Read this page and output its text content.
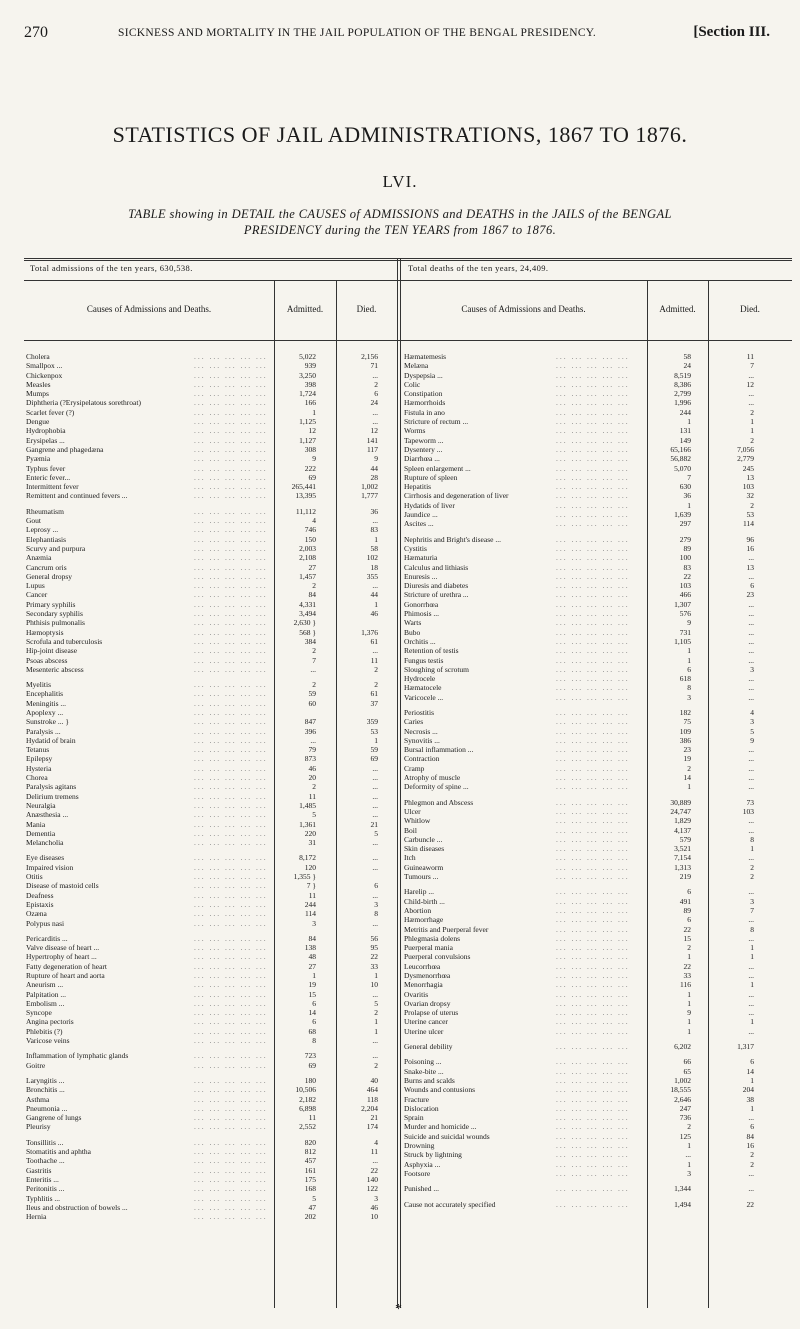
270	SICKNESS AND MORTALITY IN THE JAIL POPULATION OF THE BENGAL PRESIDENCY.	[Section III.
STATISTICS OF JAIL ADMINISTRATIONS, 1867 TO 1876.
LVI.
TABLE showing in DETAIL the CAUSES of ADMISSIONS and DEATHS in the JAILS of the BENGAL
PRESIDENCY during the TEN YEARS from 1867 to 1876.
Total admissions of the ten years, 630,538.	Total deaths of the ten years, 24,409.
Causes of Admissions and Deaths.	Admitted.	Died.	Causes of Admissions and Deaths.	Admitted.	Died.
Cholera	... ... ... ... ...	5,022	2,156
Smallpox ...	... ... ... ... ...	939	71
Chickenpox	... ... ... ... ...	3,250	...
Measles	... ... ... ... ...	398	2
Mumps	... ... ... ... ...	1,724	6
Diphtheria (?Erysipelatous sorethroat)	... ... ... ... ...	166	24
Scarlet fever (?)	... ... ... ... ...	1	...
Dengue	... ... ... ... ...	1,125	...
Hydrophobia	... ... ... ... ...	12	12
Erysipelas ...	... ... ... ... ...	1,127	141
Gangrene and phagedæna	... ... ... ... ...	308	117
Pyæmia	... ... ... ... ...	9	9
Typhus fever	... ... ... ... ...	222	44
Enteric fever...	... ... ... ... ...	69	28
Intermittent fever	... ... ... ... ...	265,441	1,002
Remittent and continued fevers ...	... ... ... ... ...	13,395	1,777
Rheumatism	... ... ... ... ...	11,112	36
Gout	... ... ... ... ...	4	...
Leprosy ...	... ... ... ... ...	746	83
Elephantiasis	... ... ... ... ...	150	1
Scurvy and purpura	... ... ... ... ...	2,003	58
Anæmia	... ... ... ... ...	2,108	102
Cancrum oris	... ... ... ... ...	27	18
General dropsy	... ... ... ... ...	1,457	355
Lupus	... ... ... ... ...	2	...
Cancer	... ... ... ... ...	84	44
Primary syphilis	... ... ... ... ...	4,331	1
Secondary syphilis	... ... ... ... ...	3,494	46
Phthisis pulmonalis	... ... ... ... ...	2,630 }
Hæmoptysis	... ... ... ... ...	568 }	1,376
Scrofula and tuberculosis	... ... ... ... ...	384	61
Hip-joint disease	... ... ... ... ...	2	...
Psoas abscess	... ... ... ... ...	7	11
Mesenteric abscess	... ... ... ... ...	...	2
Myelitis	... ... ... ... ...	2	2
Encephalitis	... ... ... ... ...	59	61
Meningitis ...	... ... ... ... ...	60	37
Apoplexy ...	... ... ... ... ...
Sunstroke ... }	... ... ... ... ...	847	359
Paralysis ...	... ... ... ... ...	396	53
Hydatid of brain	... ... ... ... ...	...	1
Tetanus	... ... ... ... ...	79	59
Epilepsy	... ... ... ... ...	873	69
Hysteria	... ... ... ... ...	46	...
Chorea	... ... ... ... ...	20	...
Paralysis agitans	... ... ... ... ...	2	...
Delirium tremens	... ... ... ... ...	11	...
Neuralgia	... ... ... ... ...	1,485	...
Anæsthesia ...	... ... ... ... ...	5	...
Mania	... ... ... ... ...	1,361	21
Dementia	... ... ... ... ...	220	5
Melancholia	... ... ... ... ...	31	...
Eye diseases	... ... ... ... ...	8,172	...
Impaired vision	... ... ... ... ...	120	...
Otitis	... ... ... ... ...	1,355 }
Disease of mastoid cells	... ... ... ... ...	7 }	6
Deafness	... ... ... ... ...	11	...
Epistaxis	... ... ... ... ...	244	3
Ozæna	... ... ... ... ...	114	8
Polypus nasi	... ... ... ... ...	3	...
Pericarditis ...	... ... ... ... ...	84	56
Valve disease of heart ...	... ... ... ... ...	138	95
Hypertrophy of heart ...	... ... ... ... ...	48	22
Fatty degeneration of heart	... ... ... ... ...	27	33
Rupture of heart and aorta	... ... ... ... ...	1	1
Aneurism ...	... ... ... ... ...	19	10
Palpitation ...	... ... ... ... ...	15	...
Embolism ...	... ... ... ... ...	6	5
Syncope	... ... ... ... ...	14	2
Angina pectoris	... ... ... ... ...	6	1
Phlebitis (?)	... ... ... ... ...	68	1
Varicose veins	... ... ... ... ...	8	...
Inflammation of lymphatic glands	... ... ... ... ...	723	...
Goitre	... ... ... ... ...	69	2
Laryngitis ...	... ... ... ... ...	180	40
Bronchitis ...	... ... ... ... ...	10,506	464
Asthma	... ... ... ... ...	2,182	118
Pneumonia ...	... ... ... ... ...	6,898	2,204
Gangrene of lungs	... ... ... ... ...	11	21
Pleurisy	... ... ... ... ...	2,552	174
Tonsillitis ...	... ... ... ... ...	820	4
Stomatitis and aphtha	... ... ... ... ...	812	11
Toothache ...	... ... ... ... ...	457	...
Gastritis	... ... ... ... ...	161	22
Enteritis ...	... ... ... ... ...	175	140
Peritonitis ...	... ... ... ... ...	168	122
Typhlitis ...	... ... ... ... ...	5	3
Ileus and obstruction of bowels ...	... ... ... ... ...	47	46
Hernia	... ... ... ... ...	202	10
Hæmatemesis	... ... ... ... ...	58	11
Melæna	... ... ... ... ...	24	7
Dyspepsia ...	... ... ... ... ...	8,519	...
Colic	... ... ... ... ...	8,386	12
Constipation	... ... ... ... ...	2,799	...
Hæmorrhoids	... ... ... ... ...	1,996	...
Fistula in ano	... ... ... ... ...	244	2
Stricture of rectum ...	... ... ... ... ...	1	1
Worms	... ... ... ... ...	131	1
Tapeworm ...	... ... ... ... ...	149	2
Dysentery ...	... ... ... ... ...	65,166	7,056
Diarrhœa ...	... ... ... ... ...	56,882	2,779
Spleen enlargement ...	... ... ... ... ...	5,070	245
Rupture of spleen	... ... ... ... ...	7	13
Hepatitis	... ... ... ... ...	630	103
Cirrhosis and degeneration of liver	... ... ... ... ...	36	32
Hydatids of liver	... ... ... ... ...	1	2
Jaundice ...	... ... ... ... ...	1,639	53
Ascites ...	... ... ... ... ...	297	114
Nephritis and Bright's disease ...	... ... ... ... ...	279	96
Cystitis	... ... ... ... ...	89	16
Hæmaturia	... ... ... ... ...	100	...
Calculus and lithiasis	... ... ... ... ...	83	13
Enuresis ...	... ... ... ... ...	22	...
Diuresis and diabetes	... ... ... ... ...	103	6
Stricture of urethra ...	... ... ... ... ...	466	23
Gonorrhœa	... ... ... ... ...	1,307	...
Phimosis ...	... ... ... ... ...	576	...
Warts	... ... ... ... ...	9	...
Bubo	... ... ... ... ...	731	...
Orchitis ...	... ... ... ... ...	1,105	...
Retention of testis	... ... ... ... ...	1	...
Fungus testis	... ... ... ... ...	1	...
Sloughing of scrotum	... ... ... ... ...	6	3
Hydrocele	... ... ... ... ...	618	...
Hæmatocele	... ... ... ... ...	8	...
Varicocele ...	... ... ... ... ...	3	...
Periostitis	... ... ... ... ...	182	4
Caries	... ... ... ... ...	75	3
Necrosis ...	... ... ... ... ...	109	5
Synovitis ...	... ... ... ... ...	386	9
Bursal inflammation ...	... ... ... ... ...	23	...
Contraction	... ... ... ... ...	19	...
Cramp	... ... ... ... ...	2	...
Atrophy of muscle	... ... ... ... ...	14	...
Deformity of spine ...	... ... ... ... ...	1	...
Phlegmon and Abscess	... ... ... ... ...	30,889	73
Ulcer	... ... ... ... ...	24,747	103
Whitlow	... ... ... ... ...	1,829	...
Boil	... ... ... ... ...	4,137	...
Carbuncle ...	... ... ... ... ...	579	8
Skin diseases	... ... ... ... ...	3,521	1
Itch	... ... ... ... ...	7,154	...
Guineaworm	... ... ... ... ...	1,313	2
Tumours ...	... ... ... ... ...	219	2
Harelip ...	... ... ... ... ...	6	...
Child-birth ...	... ... ... ... ...	491	3
Abortion	... ... ... ... ...	89	7
Hæmorrhage	... ... ... ... ...	6	...
Metritis and Puerperal fever	... ... ... ... ...	22	8
Phlegmasia dolens	... ... ... ... ...	15	...
Puerperal mania	... ... ... ... ...	2	1
Puerperal convulsions	... ... ... ... ...	1	1
Leucorrhœa	... ... ... ... ...	22	...
Dysmenorrhœa	... ... ... ... ...	33	...
Menorrhagia	... ... ... ... ...	116	1
Ovaritis	... ... ... ... ...	1	...
Ovarian dropsy	... ... ... ... ...	1	...
Prolapse of uterus	... ... ... ... ...	9	...
Uterine cancer	... ... ... ... ...	1	1
Uterine ulcer	... ... ... ... ...	1	...
General debility	... ... ... ... ...	6,202	1,317
Poisoning ...	... ... ... ... ...	66	6
Snake-bite ...	... ... ... ... ...	65	14
Burns and scalds	... ... ... ... ...	1,002	1
Wounds and contusions	... ... ... ... ...	18,555	204
Fracture	... ... ... ... ...	2,646	38
Dislocation	... ... ... ... ...	247	1
Sprain	... ... ... ... ...	736	...
Murder and homicide ...	... ... ... ... ...	2	6
Suicide and suicidal wounds	... ... ... ... ...	125	84
Drowning	... ... ... ... ...	1	16
Struck by lightning	... ... ... ... ...	...	2
Asphyxia ...	... ... ... ... ...	1	2
Footsore	... ... ... ... ...	3	...
Punished ...	... ... ... ... ...	1,344	...
Cause not accurately specified	... ... ... ... ...	1,494	22
*
